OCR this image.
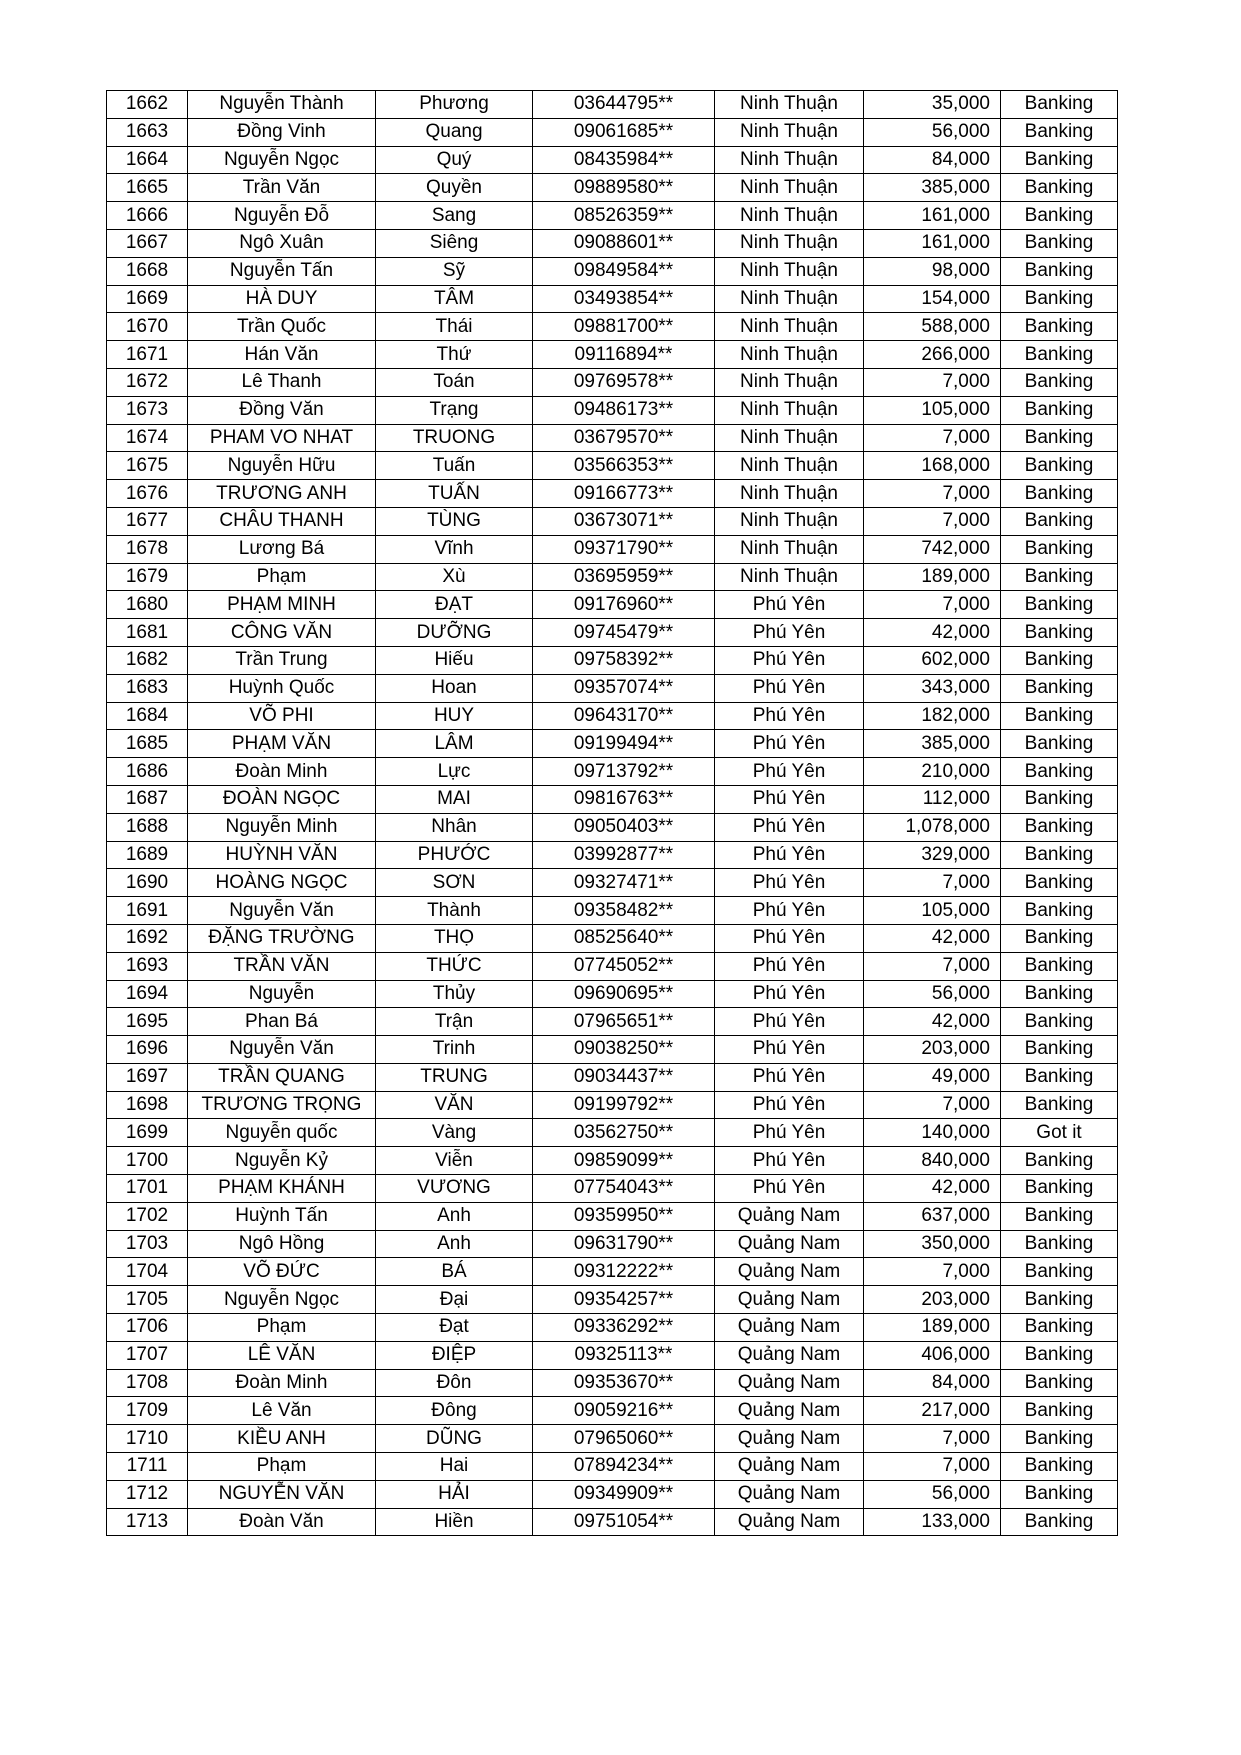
1662	Nguyễn Thành	Phương	03644795**	Ninh Thuận	35,000	Banking
1663	Đồng Vinh	Quang	09061685**	Ninh Thuận	56,000	Banking
1664	Nguyễn Ngọc	Quý	08435984**	Ninh Thuận	84,000	Banking
1665	Trần Văn	Quyền	09889580**	Ninh Thuận	385,000	Banking
1666	Nguyễn Đỗ	Sang	08526359**	Ninh Thuận	161,000	Banking
1667	Ngô Xuân	Siêng	09088601**	Ninh Thuận	161,000	Banking
1668	Nguyễn Tấn	Sỹ	09849584**	Ninh Thuận	98,000	Banking
1669	HÀ DUY	TÂM	03493854**	Ninh Thuận	154,000	Banking
1670	Trần Quốc	Thái	09881700**	Ninh Thuận	588,000	Banking
1671	Hán Văn	Thứ	09116894**	Ninh Thuận	266,000	Banking
1672	Lê Thanh	Toán	09769578**	Ninh Thuận	7,000	Banking
1673	Đồng Văn	Trạng	09486173**	Ninh Thuận	105,000	Banking
1674	PHAM VO NHAT	TRUONG	03679570**	Ninh Thuận	7,000	Banking
1675	Nguyễn Hữu	Tuấn	03566353**	Ninh Thuận	168,000	Banking
1676	TRƯƠNG ANH	TUẤN	09166773**	Ninh Thuận	7,000	Banking
1677	CHÂU THANH	TÙNG	03673071**	Ninh Thuận	7,000	Banking
1678	Lương Bá	Vĩnh	09371790**	Ninh Thuận	742,000	Banking
1679	Phạm	Xù	03695959**	Ninh Thuận	189,000	Banking
1680	PHẠM MINH	ĐẠT	09176960**	Phú Yên	7,000	Banking
1681	CÔNG VĂN	DƯỠNG	09745479**	Phú Yên	42,000	Banking
1682	Trần Trung	Hiếu	09758392**	Phú Yên	602,000	Banking
1683	Huỳnh Quốc	Hoan	09357074**	Phú Yên	343,000	Banking
1684	VÕ PHI	HUY	09643170**	Phú Yên	182,000	Banking
1685	PHẠM VĂN	LÂM	09199494**	Phú Yên	385,000	Banking
1686	Đoàn Minh	Lực	09713792**	Phú Yên	210,000	Banking
1687	ĐOÀN NGỌC	MAI	09816763**	Phú Yên	112,000	Banking
1688	Nguyễn Minh	Nhân	09050403**	Phú Yên	1,078,000	Banking
1689	HUỲNH VĂN	PHƯỚC	03992877**	Phú Yên	329,000	Banking
1690	HOÀNG NGỌC	SƠN	09327471**	Phú Yên	7,000	Banking
1691	Nguyễn Văn	Thành	09358482**	Phú Yên	105,000	Banking
1692	ĐẶNG TRƯỜNG	THỌ	08525640**	Phú Yên	42,000	Banking
1693	TRẦN VĂN	THỨC	07745052**	Phú Yên	7,000	Banking
1694	Nguyễn	Thủy	09690695**	Phú Yên	56,000	Banking
1695	Phan Bá	Trận	07965651**	Phú Yên	42,000	Banking
1696	Nguyễn Văn	Trinh	09038250**	Phú Yên	203,000	Banking
1697	TRẦN QUANG	TRUNG	09034437**	Phú Yên	49,000	Banking
1698	TRƯƠNG TRỌNG	VĂN	09199792**	Phú Yên	7,000	Banking
1699	Nguyễn quốc	Vàng	03562750**	Phú Yên	140,000	Got it
1700	Nguyễn Kỷ	Viễn	09859099**	Phú Yên	840,000	Banking
1701	PHẠM KHÁNH	VƯƠNG	07754043**	Phú Yên	42,000	Banking
1702	Huỳnh Tấn	Anh	09359950**	Quảng Nam	637,000	Banking
1703	Ngô Hồng	Anh	09631790**	Quảng Nam	350,000	Banking
1704	VÕ ĐỨC	BÁ	09312222**	Quảng Nam	7,000	Banking
1705	Nguyễn Ngọc	Đại	09354257**	Quảng Nam	203,000	Banking
1706	Phạm	Đạt	09336292**	Quảng Nam	189,000	Banking
1707	LÊ VĂN	ĐIỆP	09325113**	Quảng Nam	406,000	Banking
1708	Đoàn Minh	Đôn	09353670**	Quảng Nam	84,000	Banking
1709	Lê Văn	Đông	09059216**	Quảng Nam	217,000	Banking
1710	KIỀU ANH	DŨNG	07965060**	Quảng Nam	7,000	Banking
1711	Phạm	Hai	07894234**	Quảng Nam	7,000	Banking
1712	NGUYỄN VĂN	HẢI	09349909**	Quảng Nam	56,000	Banking
1713	Đoàn Văn	Hiền	09751054**	Quảng Nam	133,000	Banking
